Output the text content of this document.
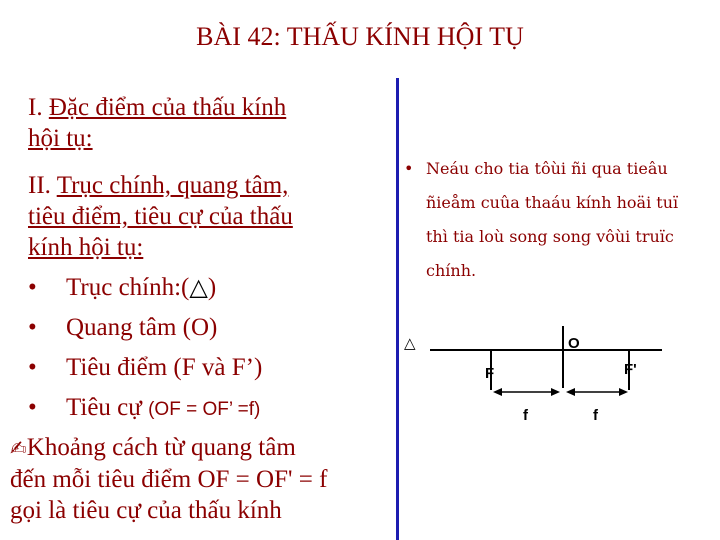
BÀI 42: THẤU KÍNH HỘI TỤ
I. Đặc điểm của thấu kính
hội tụ:
II. Trục chính, quang tâm,
tiêu điểm, tiêu cự của thấu
kính hội tụ:
• Trục chính:(△)
• Quang tâm (O)
• Tiêu điểm (F và F’)
• Tiêu cự (OF = OF’ =f)
✍Khoảng cách từ quang tâm
đến mỗi tiêu điểm OF = OF' = f
gọi là tiêu cự của thấu kính
• Neáu cho tia tôùi ñi qua tieâu
ñieåm cuûa thaáu kính hoäi tuï
thì tia loù song song vôùi truïc
chính.
△	O
F	F'
f	f
